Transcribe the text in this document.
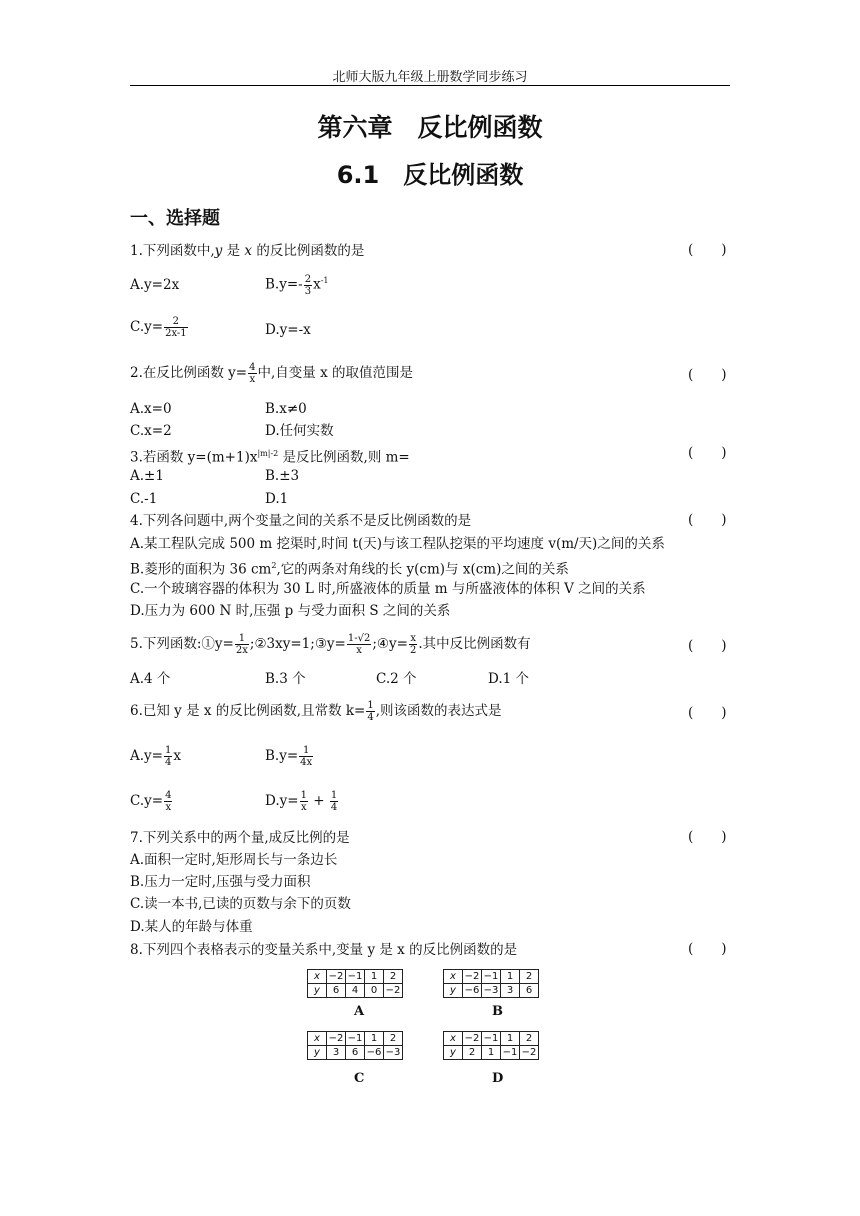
北师大版九年级上册数学同步练习
第六章　反比例函数
6.1　反比例函数
一、选择题
1.下列函数中,y 是 x 的反比例函数的是	( )
A.y=2x	$B.y=- \frac{2}{3} x^{-1}$
$C.y= \frac{2}{2x-1}$	D.y=-x
2.在反比例函数 $y= \frac{4}{x}$ 中,自变量 x 的取值范围是	( )
A.x=0	B.x≠0
C.x=2	D.任何实数
3.若函数 $y=(m+1)x^{|m|-2}$ 是反比例函数,则 m=	( )
A.±1	B.±3
C.-1	D.1
4.下列各问题中,两个变量之间的关系不是反比例函数的是	( )
A.某工程队完成 500 m 挖渠时,时间 t(天)与该工程队挖渠的平均速度 v(m/天)之间的关系
B.菱形的面积为 36 $cm^2$,它的两条对角线的长 y(cm)与 x(cm)之间的关系
C.一个玻璃容器的体积为 30 L 时,所盛液体的质量 m 与所盛液体的体积 V 之间的关系
D.压力为 600 N 时,压强 p 与受力面积 S 之间的关系
5.下列函数:①y= $\frac{1}{2x}$ ;②3xy=1;③y= $\frac{1-√2}{x}$ ;④y= $\frac{x}{2}$ .其中反比例函数有	( )
A.4 个	B.3 个	C.2 个	D.1 个
6.已知 y 是 x 的反比例函数,且常数 $k= \frac{1}{4}$ ,则该函数的表达式是	( )
$A.y= \frac{1}{4}$ x	$B.y= \frac{1}{4x}$
$C.y= \frac{4}{x}$	$D.y= \frac{1}{x} + \frac{1}{4}$
7.下列关系中的两个量,成反比例的是	( )
A.面积一定时,矩形周长与一条边长
B.压力一定时,压强与受力面积
C.读一本书,已读的页数与余下的页数
D.某人的年龄与体重
8.下列四个表格表示的变量关系中,变量 y 是 x 的反比例函数的是	( )
x	−2	−1	1	2
y	6	4	0	−2
A
x	−2	−1	1	2
y	−6	−3	3	6
B
x	−2	−1	1	2
y	3	6	−6	−3
C
x	−2	−1	1	2
y	2	1	−1	−2
D
